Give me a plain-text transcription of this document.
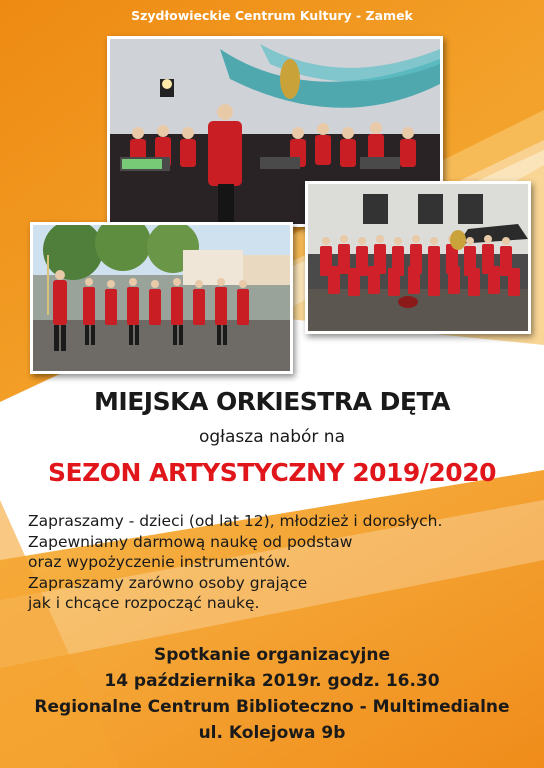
Szydłowieckie Centrum Kultury - Zamek
MIEJSKA ORKIESTRA DĘTA
ogłasza nabór na
SEZON ARTYSTYCZNY 2019/2020
Zapraszamy - dzieci (od lat 12), młodzież i dorosłych.
Zapewniamy darmową naukę od podstaw
oraz wypożyczenie instrumentów.
Zapraszamy zarówno osoby grające
jak i chcące rozpocząć naukę.
Spotkanie organizacyjne
14 października 2019r. godz. 16.30
Regionalne Centrum Biblioteczno - Multimedialne
ul. Kolejowa 9b
